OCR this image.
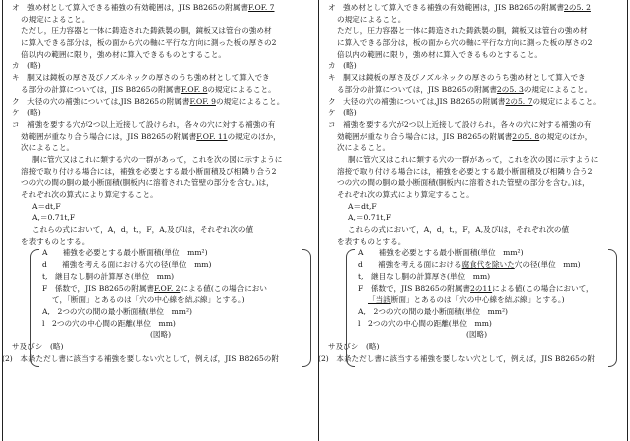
オ　強め材として算入できる補強の有効範囲は，JIS B8265の附属書F.OF. 7
の規定によること。
ただし，圧力容器と一体に鋳造された鋳鉄製の胴，鏡板又は管台の強め材
に算入できる部分は，板の面から穴の軸に平行な方向に測った板の厚さの2
倍以内の範囲に限り，強め材に算入できるものとすること。
カ　(略)
キ　胴又は鏡板の厚さ及びノズルネックの厚さのうち強め材として算入でき
る部分の計算については，JIS B8265の附属書F.OF. 8の規定によること。
ク　大径の穴の補強については,JIS B8265の附属書F.OF. 9の規定によること。
ケ　(略)
コ　補強を要する穴が2つ以上近接して設けられ，各々の穴に対する補強の有
効範囲が重なり合う場合には，JIS B8265の附属書F.OF. 11の規定のほか，
次によること。
胴に管穴又はこれに類する穴の一群があって，これを次の図に示すように
溶接で取り付ける場合には，補強を必要とする最小断面積及び相隣り合う2
つの穴の間の胴の最小断面積(胴板内に溶着された管壁の部分を含む。)は，
それぞれ次の算式により算定すること。
A＝dt,F
A,＝0.71t,F
これらの式において，A，d，t,，F，A,及びlは，それぞれ次の値
を表すものとする。
A　　補強を必要とする最小断面積(単位　mm²)
d　　補強を考える面における穴の径(単位　mm)
t,　継目なし胴の計算厚さ(単位　mm)
F　係数で，JIS B8265の附属書F.OF. 2による値(この場合におい
て，「断面」とあるのは「穴の中心線を結ぶ線」とする。)
A,　2つの穴の間の最小断面積(単位　mm²)
l　2つの穴の中心間の距離(単位　mm)
(図略)
サ及びシ　(略)
(2)　本条ただし書に該当する補強を要しない穴として，例えば，JIS B8265の附
オ　強め材として算入できる補強の有効範囲は，JIS B8265の附属書2の5. 2
の規定によること。
ただし，圧力容器と一体に鋳造された鋳鉄製の胴，鏡板又は管台の強め材
に算入できる部分は，板の面から穴の軸に平行な方向に測った板の厚さの2
倍以内の範囲に限り，強め材に算入できるものとすること。
カ　(略)
キ　胴又は鏡板の厚さ及びノズルネックの厚さのうち強め材として算入でき
る部分の計算については，JIS B8265の附属書2の5. 3の規定によること。
ク　大径の穴の補強については,JIS B8265の附属書2の5. 7の規定によること。
ケ　(略)
コ　補強を要する穴が2つ以上近接して設けられ，各々の穴に対する補強の有
効範囲が重なり合う場合には，JIS B8265の附属書2の5. 8の規定のほか，
次によること。
胴に管穴又はこれに類する穴の一群があって，これを次の図に示すように
溶接で取り付ける場合には，補強を必要とする最小断面積及び相隣り合う2
つの穴の間の胴の最小断面積(胴板内に溶着された管壁の部分を含む。)は，
それぞれ次の算式により算定すること。
A＝dt,F
A,＝0.71t,F
これらの式において，A，d，t,，F，A,及びlは，それぞれ次の値
を表すものとする。
A　　補強を必要とする最小断面積(単位　mm²)
d　　補強を考える面における腐食代を除いた穴の径(単位　mm)
t,　継目なし胴の計算厚さ(単位　mm)
F　係数で，JIS B8265の附属書2の11による値(この場合において，
「当該断面」とあるのは「穴の中心線を結ぶ線」とする。)
A,　2つの穴の間の最小断面積(単位　mm²)
l　2つの穴の中心間の距離(単位　mm)
(図略)
サ及びシ　(略)
(2)　本条ただし書に該当する補強を要しない穴として，例えば，JIS B8265の附
